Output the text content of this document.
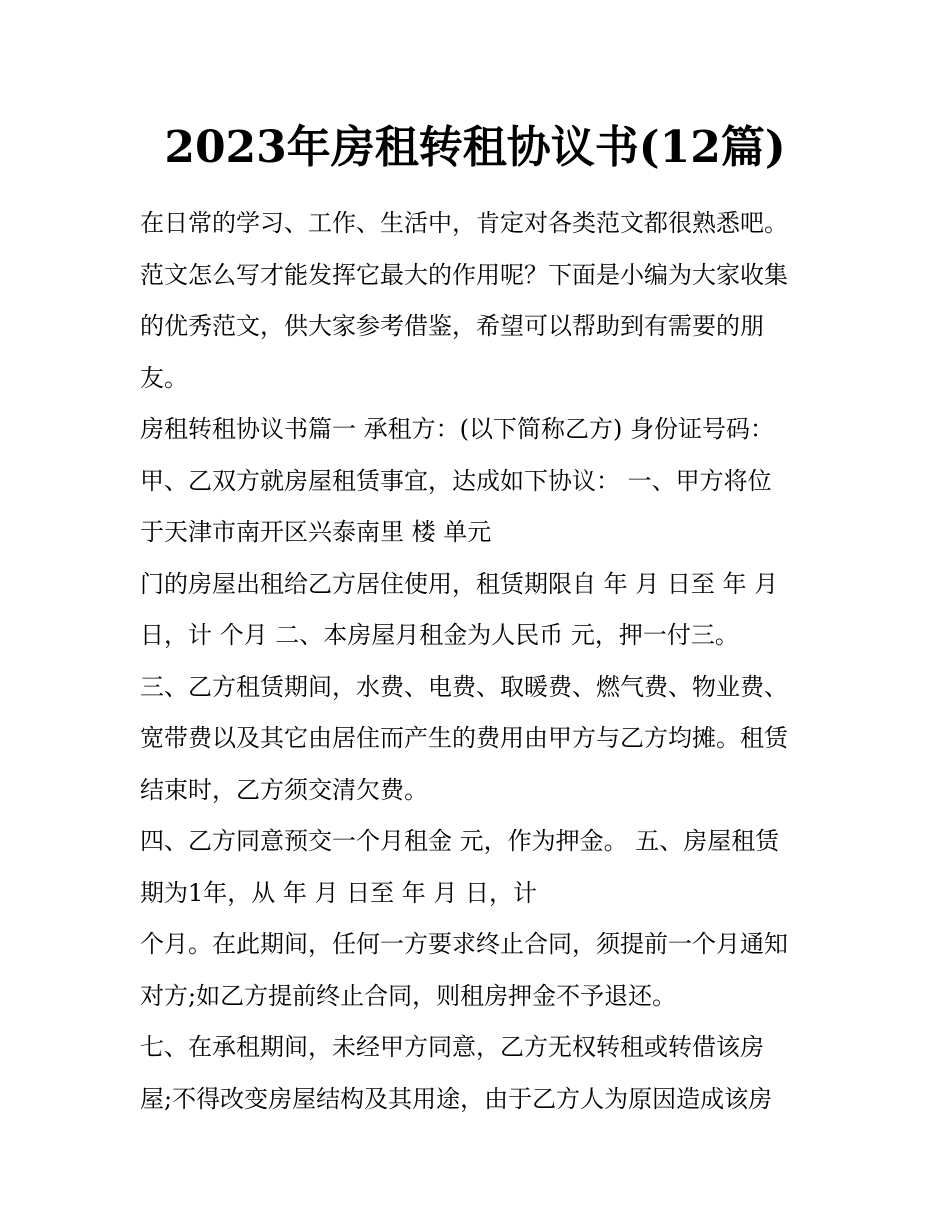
2023年房租转租协议书(12篇)
在日常的学习、工作、生活中，肯定对各类范文都很熟悉吧。
范文怎么写才能发挥它最大的作用呢？下面是小编为大家收集
的优秀范文，供大家参考借鉴，希望可以帮助到有需要的朋
友。
房租转租协议书篇一 承租方：(以下简称乙方) 身份证号码：
甲、乙双方就房屋租赁事宜，达成如下协议： 一、甲方将位
于天津市南开区兴泰南里 楼 单元
门的房屋出租给乙方居住使用，租赁期限自 年 月 日至 年 月
日，计 个月 二、本房屋月租金为人民币 元，押一付三。
三、乙方租赁期间，水费、电费、取暖费、燃气费、物业费、
宽带费以及其它由居住而产生的费用由甲方与乙方均摊。租赁
结束时，乙方须交清欠费。
四、乙方同意预交一个月租金 元，作为押金。 五、房屋租赁
期为1年，从 年 月 日至 年 月 日，计
个月。在此期间，任何一方要求终止合同，须提前一个月通知
对方;如乙方提前终止合同，则租房押金不予退还。
七、在承租期间，未经甲方同意，乙方无权转租或转借该房
屋;不得改变房屋结构及其用途，由于乙方人为原因造成该房
